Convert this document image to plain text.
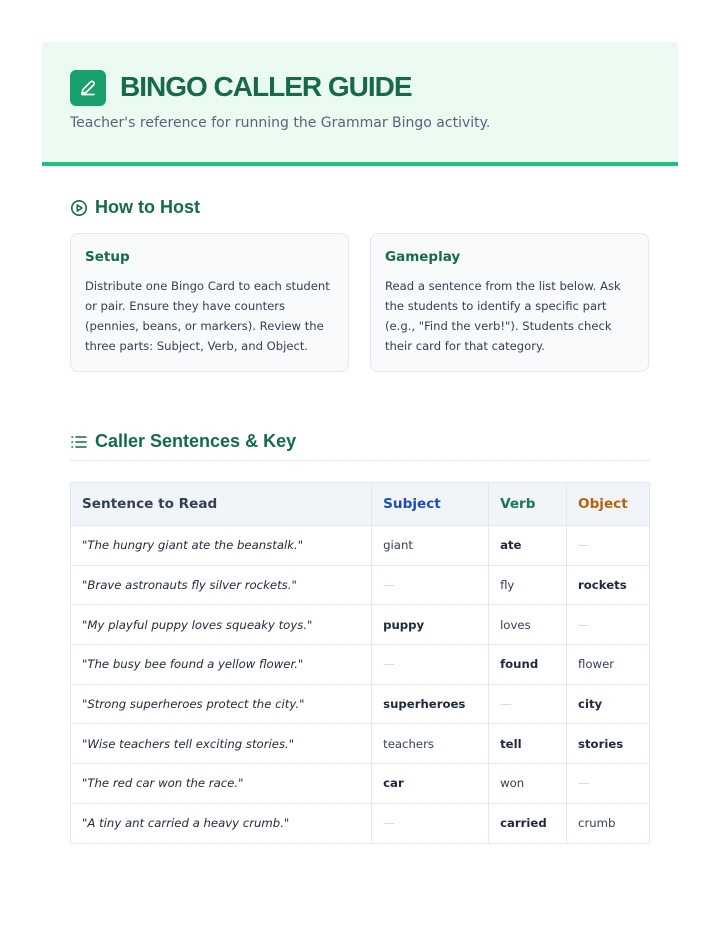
BINGO CALLER GUIDE
Teacher's reference for running the Grammar Bingo activity.
How to Host
Setup

Distribute one Bingo Card to each student or pair. Ensure they have counters (pennies, beans, or markers). Review the three parts: Subject, Verb, and Object.

Gameplay

Read a sentence from the list below. Ask the students to identify a specific part (e.g., "Find the verb!"). Students check their card for that category.

Caller Sentences & Key
Sentence to Read	Subject	Verb	Object
"The hungry giant ate the beanstalk."	giant	ate	—
"Brave astronauts fly silver rockets."	—	fly	rockets
"My playful puppy loves squeaky toys."	puppy	loves	—
"The busy bee found a yellow flower."	—	found	flower
"Strong superheroes protect the city."	superheroes	—	city
"Wise teachers tell exciting stories."	teachers	tell	stories
"The red car won the race."	car	won	—
"A tiny ant carried a heavy crumb."	—	carried	crumb
